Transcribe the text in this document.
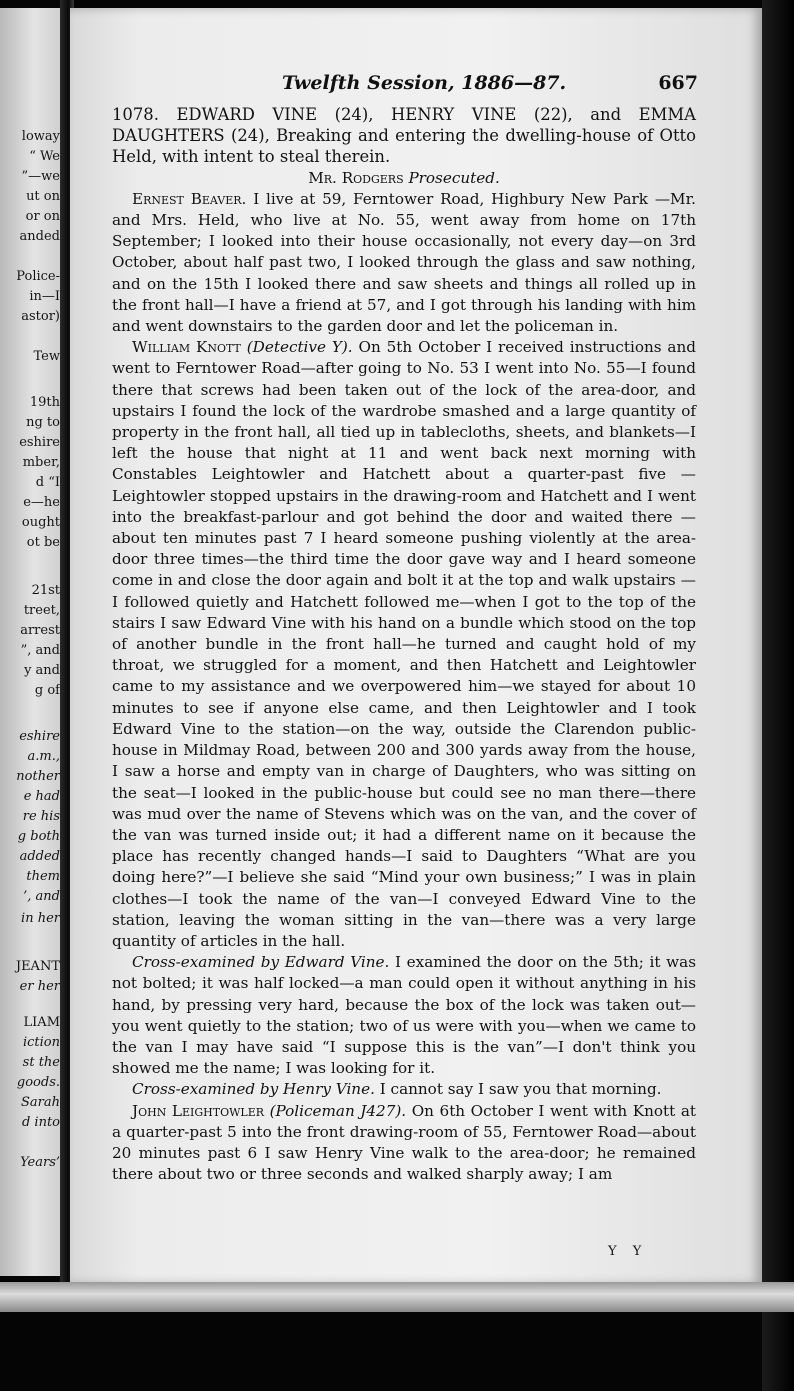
loway
“ We
”—we
ut on
or on
anded
Police-
in—I
astor)
 Tew
19th
ng to
eshire
mber,
d “I
e—he
ought
ot be
21st
treet,
arrest
”, and
y and
g of
eshire
a.m.,
nother
e had
re his
g both
added
them
’, and
in her
JEANT
er her
LIAM
iction
st the
goods.
Sarah
d into
Years’
Twelfth Session, 1886—87.	667

1078. EDWARD VINE (24), HENRY VINE (22), and EMMA DAUGHTERS (24), Breaking and entering the dwelling-house of Otto Held, with intent to steal therein.

Mr. Rodgers Prosecuted.

Ernest Beaver. I live at 59, Ferntower Road, Highbury New Park —Mr. and Mrs. Held, who live at No. 55, went away from home on 17th September; I looked into their house occasionally, not every day—on 3rd October, about half past two, I looked through the glass and saw nothing, and on the 15th I looked there and saw sheets and things all rolled up in the front hall—I have a friend at 57, and I got through his landing with him and went downstairs to the garden door and let the policeman in.

William Knott (Detective Y). On 5th October I received instructions and went to Ferntower Road—after going to No. 53 I went into No. 55—I found there that screws had been taken out of the lock of the area-door, and upstairs I found the lock of the wardrobe smashed and a large quantity of property in the front hall, all tied up in tablecloths, sheets, and blankets—I left the house that night at 11 and went back next morning with Constables Leightowler and Hatchett about a quarter-past five —Leightowler stopped upstairs in the drawing-room and Hatchett and I went into the breakfast-parlour and got behind the door and waited there —about ten minutes past 7 I heard someone pushing violently at the area-door three times—the third time the door gave way and I heard someone come in and close the door again and bolt it at the top and walk upstairs —I followed quietly and Hatchett followed me—when I got to the top of the stairs I saw Edward Vine with his hand on a bundle which stood on the top of another bundle in the front hall—he turned and caught hold of my throat, we struggled for a moment, and then Hatchett and Leightowler came to my assistance and we overpowered him—we stayed for about 10 minutes to see if anyone else came, and then Leightowler and I took Edward Vine to the station—on the way, outside the Clarendon public-house in Mildmay Road, between 200 and 300 yards away from the house, I saw a horse and empty van in charge of Daughters, who was sitting on the seat—I looked in the public-house but could see no man there—there was mud over the name of Stevens which was on the van, and the cover of the van was turned inside out; it had a different name on it because the place has recently changed hands—I said to Daughters “What are you doing here?”—I believe she said “Mind your own business;” I was in plain clothes—I took the name of the van—I conveyed Edward Vine to the station, leaving the woman sitting in the van—there was a very large quantity of articles in the hall.

Cross-examined by Edward Vine. I examined the door on the 5th; it was not bolted; it was half locked—a man could open it without anything in his hand, by pressing very hard, because the box of the lock was taken out—you went quietly to the station; two of us were with you—when we came to the van I may have said “I suppose this is the van”—I don't think you showed me the name; I was looking for it.

Cross-examined by Henry Vine. I cannot say I saw you that morning.

John Leightowler (Policeman J427). On 6th October I went with Knott at a quarter-past 5 into the front drawing-room of 55, Ferntower Road—about 20 minutes past 6 I saw Henry Vine walk to the area-door; he remained there about two or three seconds and walked sharply away; I am

Y Y
